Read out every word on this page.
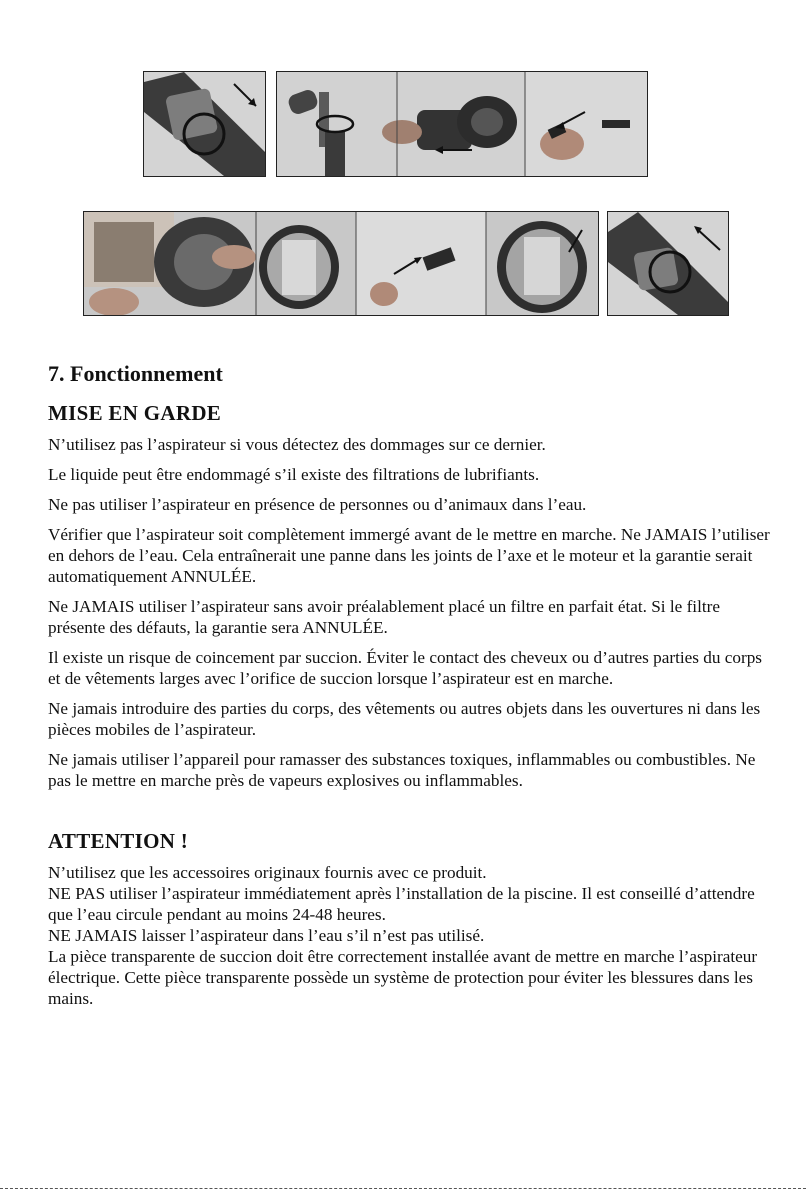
7. Fonctionnement
MISE EN GARDE

N’utilisez pas l’aspirateur si vous détectez des dommages sur ce dernier.

Le liquide peut être endommagé s’il existe des filtrations de lubrifiants.

Ne pas utiliser l’aspirateur en présence de personnes ou d’animaux dans l’eau.

Vérifier que l’aspirateur soit complètement immergé avant de le mettre en marche. Ne JAMAIS l’utiliser en dehors de l’eau. Cela entraînerait une panne dans les joints de l’axe et le moteur et la garantie serait automatiquement ANNULÉE.

Ne JAMAIS utiliser l’aspirateur sans avoir préalablement placé un filtre en parfait état. Si le filtre présente des défauts, la garantie sera ANNULÉE.

Il existe un risque de coincement par succion. Éviter le contact des cheveux ou d’autres parties du corps et de vêtements larges avec l’orifice de succion lorsque l’aspirateur est en marche.

Ne jamais introduire des parties du corps, des vêtements ou autres objets dans les ouvertures ni dans les pièces mobiles de l’aspirateur.

Ne jamais utiliser l’appareil pour ramasser des substances toxiques, inflammables ou combustibles. Ne pas le mettre en marche près de vapeurs explosives ou inflammables.

ATTENTION !

N’utilisez que les accessoires originaux fournis avec ce produit.

NE PAS utiliser l’aspirateur immédiatement après l’installation de la piscine. Il est conseillé d’attendre que l’eau circule pendant au moins 24-48 heures.

NE JAMAIS laisser l’aspirateur dans l’eau s’il n’est pas utilisé.

La pièce transparente de succion doit être correctement installée avant de mettre en marche l’aspirateur électrique. Cette pièce transparente possède un système de protection pour éviter les blessures dans les mains.
